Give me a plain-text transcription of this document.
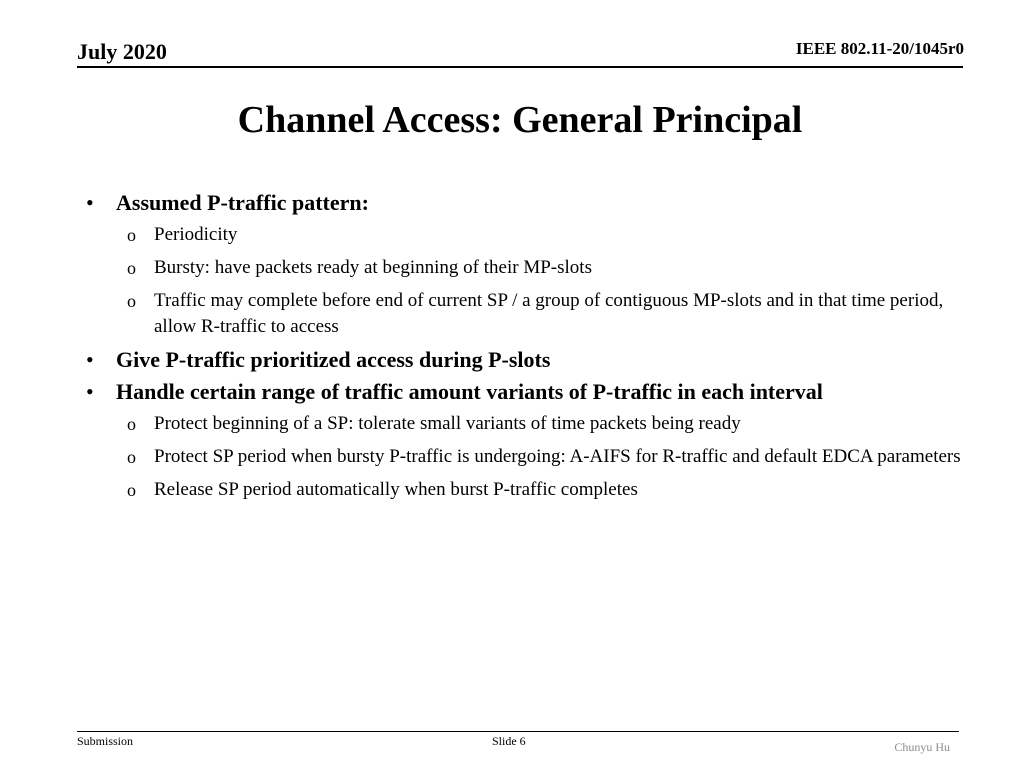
July 2020	IEEE 802.11-20/1045r0
Channel Access: General Principal
• Assumed P-traffic pattern:
o Periodicity
o Bursty: have packets ready at beginning of their MP-slots
o Traffic may complete before end of current SP / a group of contiguous MP-slots and in that time period, allow R-traffic to access
• Give P-traffic prioritized access during P-slots
• Handle certain range of traffic amount variants of P-traffic in each interval
o Protect beginning of a SP: tolerate small variants of time packets being ready
o Protect SP period when bursty P-traffic is undergoing: A-AIFS for R-traffic and default EDCA parameters
o Release SP period automatically when burst P-traffic completes
Submission	Slide 6	Chunyu Hu
